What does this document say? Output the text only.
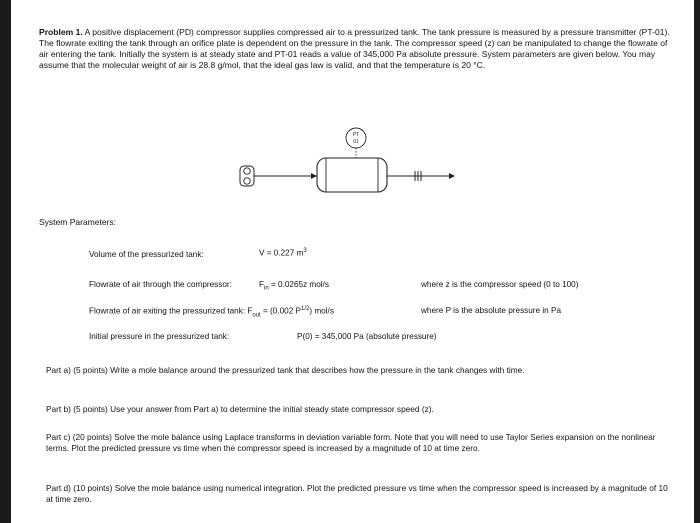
Problem 1. A positive displacement (PD) compressor supplies compressed air to a pressurized tank. The tank pressure is measured by a pressure transmitter (PT-01). The flowrate exiting the tank through an orifice plate is dependent on the pressure in the tank. The compressor speed (z) can be manipulated to change the flowrate of air entering the tank. Initially the system is at steady state and PT-01 reads a value of 345,000 Pa absolute pressure. System parameters are given below. You may assume that the molecular weight of air is 28.8 g/mol, that the ideal gas law is valid, and that the temperature is 20 °C.
PT
01
System Parameters:
Volume of the pressurized tank:	V = 0.227 $m^3$
Flowrate of air through the compressor:	$F_{in} = 0.0265z$ mol/s	where z is the compressor speed (0 to 100)
Flowrate of air exiting the pressurized tank: $F_{out} = (0.002$ $P^{1/2}$) mol/s	where P is the absolute pressure in Pa
Initial pressure in the pressurized tank:	P(0) = 345,000 Pa (absolute pressure)
Part a) (5 points) Write a mole balance around the pressurized tank that describes how the pressure in the tank changes with time.
Part b) (5 points) Use your answer from Part a) to determine the initial steady state compressor speed (z).
Part c) (20 points) Solve the mole balance using Laplace transforms in deviation variable form. Note that you will need to use Taylor Series expansion on the nonlinear terms. Plot the predicted pressure vs time when the compressor speed is increased by a magnitude of 10 at time zero.
Part d) (10 points) Solve the mole balance using numerical integration. Plot the predicted pressure vs time when the compressor speed is increased by a magnitude of 10 at time zero.
